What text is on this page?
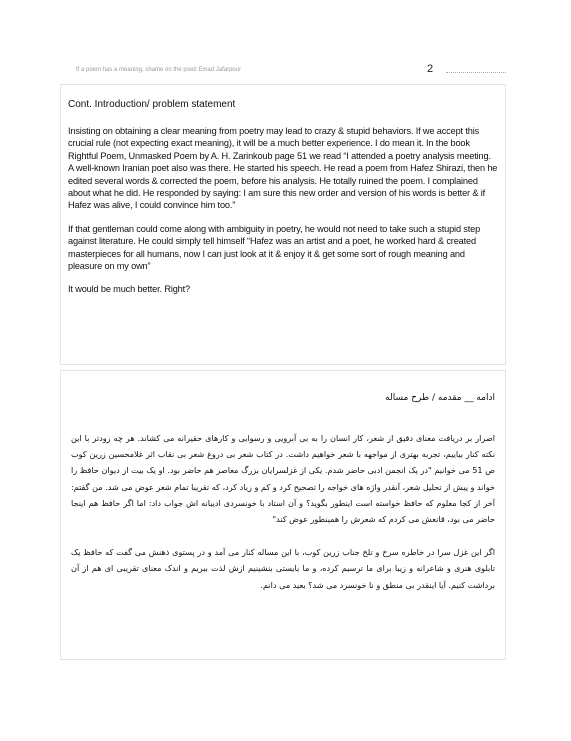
If a poem has a meaning, shame on the poet/ Emad Jafarpour	2

Cont. Introduction/ problem statement

Insisting on obtaining a clear meaning from poetry may lead to crazy & stupid behaviors. If we accept this crucial rule (not expecting exact meaning), it will be a much better experience. I do mean it. In the book Rightful Poem, Unmasked Poem by A. H. Zarinkoub page 51 we read “I attended a poetry analysis meeting. A well-known Iranian poet also was there. He started his speech. He read a poem from Hafez Shirazi, then he edited several words & corrected the poem, before his analysis. He totally ruined the poem. I complained about what he did. He responded by saying: I am sure this new order and version of his words is better & if Hafez was alive, I could convince him too.”

If that gentleman could come along with ambiguity in poetry, he would not need to take such a stupid step against literature. He could simply tell himself “Hafez was an artist and a poet, he worked hard & created masterpieces for all humans, now I can just look at it & enjoy it & get some sort of rough meaning and pleasure on my own”

It would be much better. Right?

ادامه __ مقدمه / طرح مساله

اصرار بر دریافت معنای دقیق از شعر، کار انسان را به بی آبرویی و رسوایی و کارهای حقیرانه می کشاند. هر چه زودتر با این نکته کنار بیاییم، تجربه بهتری از مواجهه با شعر خواهیم داشت. در کتاب شعر بی دروغ شعر بی نقاب اثر غلامحسین زرین کوب ص 51 می خوانیم "در یک انجمن ادبی حاضر شدم. یکی از غزلسرایان بزرگ معاصر هم حاضر بود. او یک بیت از دیوان حافظ را خواند و پیش از تحلیل شعر، آنقدر واژه های خواجه را تصحیح کرد و کم و زیاد کرد، که تقریبا تمام شعر عوض می شد. من گفتم: آخر از کجا معلوم که حافظ خواسته است اینطور بگوید؟ و آن استاد با خونسردی ادیبانه اش جواب داد: اما اگر حافظ هم اینجا حاضر می بود، قانعش می کردم که شعرش را همینطور عوض کند"

اگر این غزل سرا در خاطره سرخ و تلخ جناب زرین کوب، با این مساله کنار می آمد و در پستوی ذهنش می گفت که حافظ یک تابلوی هنری و شاعرانه و زیبا برای ما ترسیم کرده، و ما بایستی بنشینیم ازش لذت ببریم و اندک معنای تقریبی ای هم از آن برداشت کنیم. آیا اینقدر بی منطق و نا خونسرد می شد؟ بعید می دانم.
